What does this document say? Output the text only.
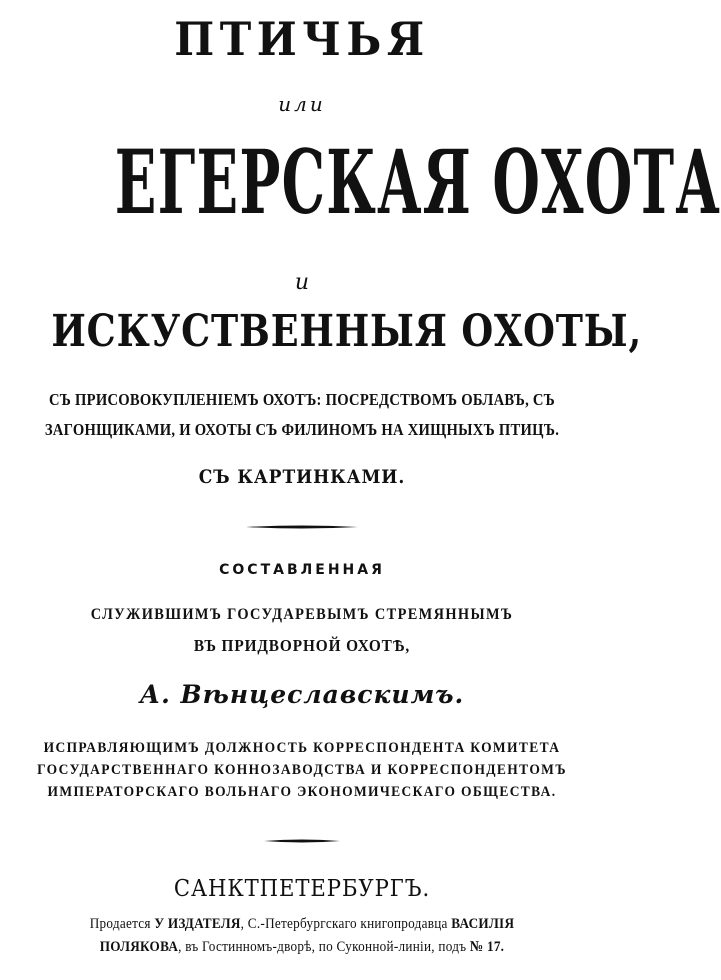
ПТИЧЬЯ
или
ЕГЕРСКАЯ ОХОТА
и
ИСКУСТВЕННЫЯ ОХОТЫ,
СЪ ПРИСОВОКУПЛЕНІЕМЪ ОХОТЪ: ПОСРЕДСТВОМЪ ОБЛАВЪ, СЪ
ЗАГОНЩИКАМИ, И ОХОТЫ СЪ ФИЛИНОМЪ НА ХИЩНЫХЪ ПТИЦЪ.
СЪ КАРТИНКАМИ.
СОСТАВЛЕННАЯ
СЛУЖИВШИМЪ ГОСУДАРЕВЫМЪ СТРЕМЯННЫМЪ
ВЪ ПРИДВОРНОЙ ОХОТѢ,
А. Вѣнцеславскимъ.
ИСПРАВЛЯЮЩИМЪ ДОЛЖНОСТЬ КОРРЕСПОНДЕНТА КОМИТЕТА
ГОСУДАРСТВЕННАГО КОННОЗАВОДСТВА И КОРРЕСПОНДЕНТОМЪ
ИМПЕРАТОРСКАГО ВОЛЬНАГО ЭКОНОМИЧЕСКАГО ОБЩЕСТВА.
САНКТПЕТЕРБУРГЪ.
Продается У ИЗДАТЕЛЯ, С.-Петербургскаго книгопродавца ВАСИЛІЯ
ПОЛЯКОВА, въ Гостинномъ-дворѣ, по Суконной-линіи, подъ № 17.
